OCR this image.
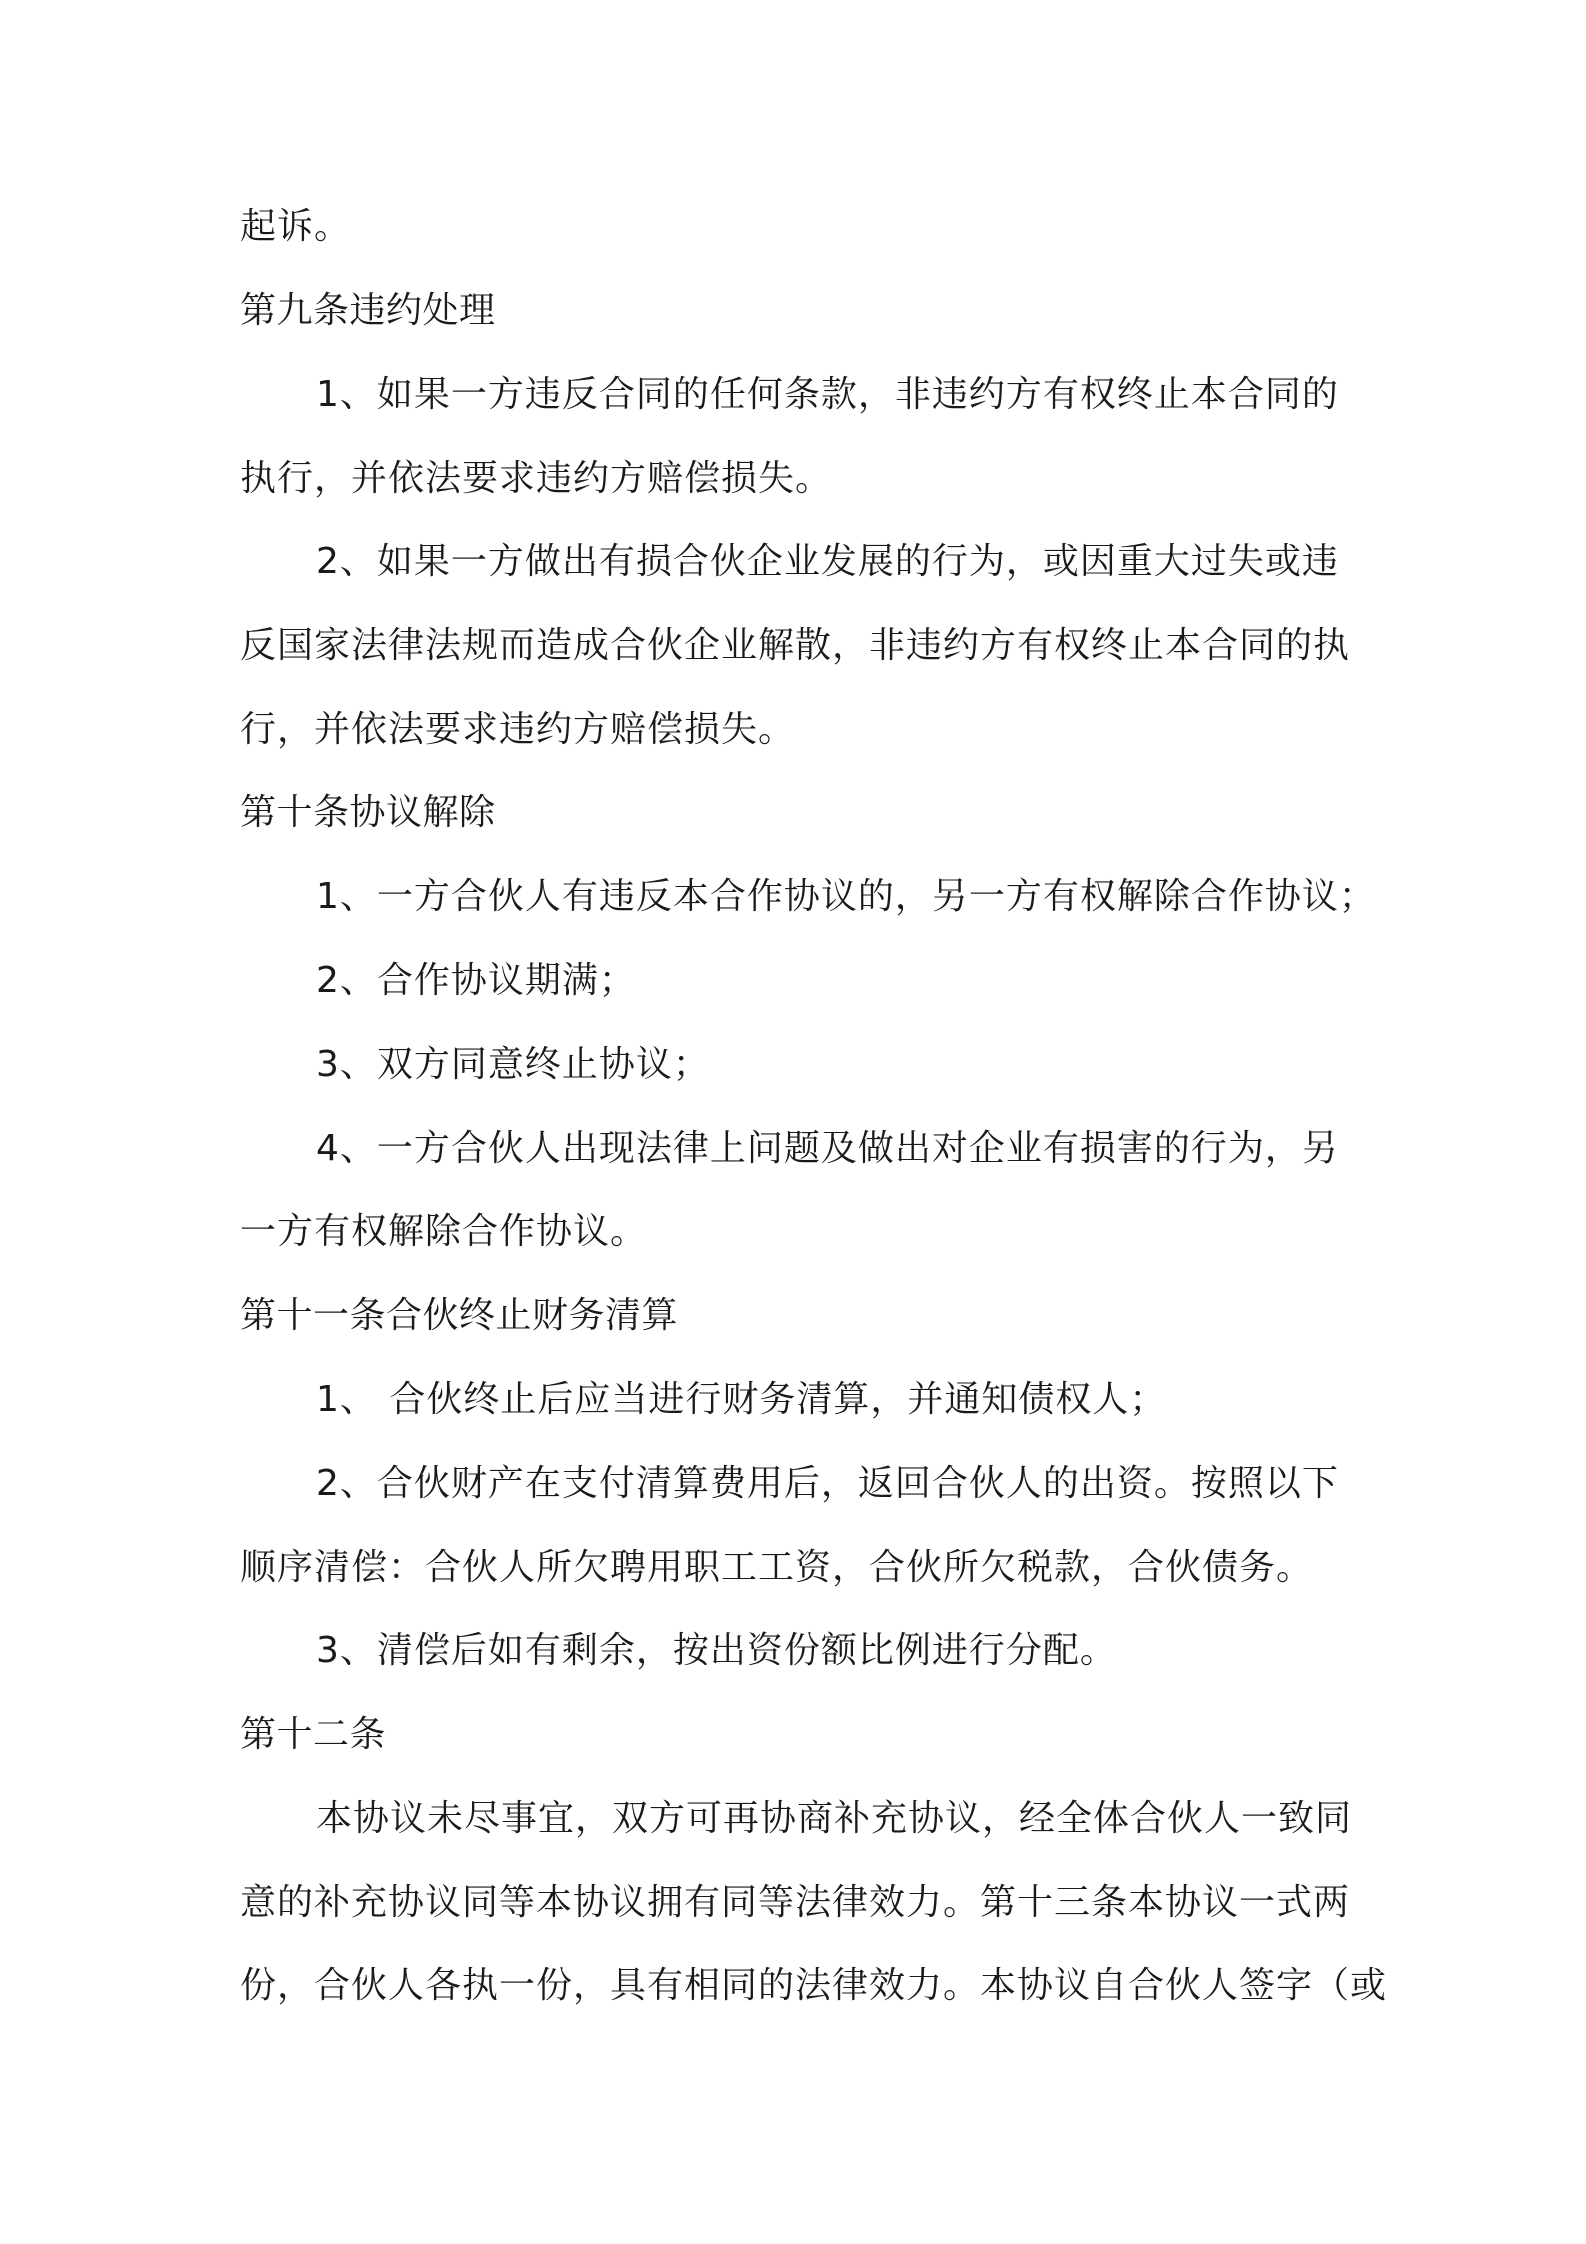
起诉。
第九条违约处理
1、如果一方违反合同的任何条款，非违约方有权终止本合同的
执行，并依法要求违约方赔偿损失。
2、如果一方做出有损合伙企业发展的行为，或因重大过失或违
反国家法律法规而造成合伙企业解散，非违约方有权终止本合同的执
行，并依法要求违约方赔偿损失。
第十条协议解除
1、一方合伙人有违反本合作协议的，另一方有权解除合作协议；
2、合作协议期满；
3、双方同意终止协议；
4、一方合伙人出现法律上问题及做出对企业有损害的行为，另
一方有权解除合作协议。
第十一条合伙终止财务清算
1、 合伙终止后应当进行财务清算，并通知债权人；
2、合伙财产在支付清算费用后，返回合伙人的出资。按照以下
顺序清偿：合伙人所欠聘用职工工资，合伙所欠税款，合伙债务。
3、清偿后如有剩余，按出资份额比例进行分配。
第十二条
本协议未尽事宜，双方可再协商补充协议，经全体合伙人一致同
意的补充协议同等本协议拥有同等法律效力。第十三条本协议一式两
份，合伙人各执一份，具有相同的法律效力。本协议自合伙人签字（或
